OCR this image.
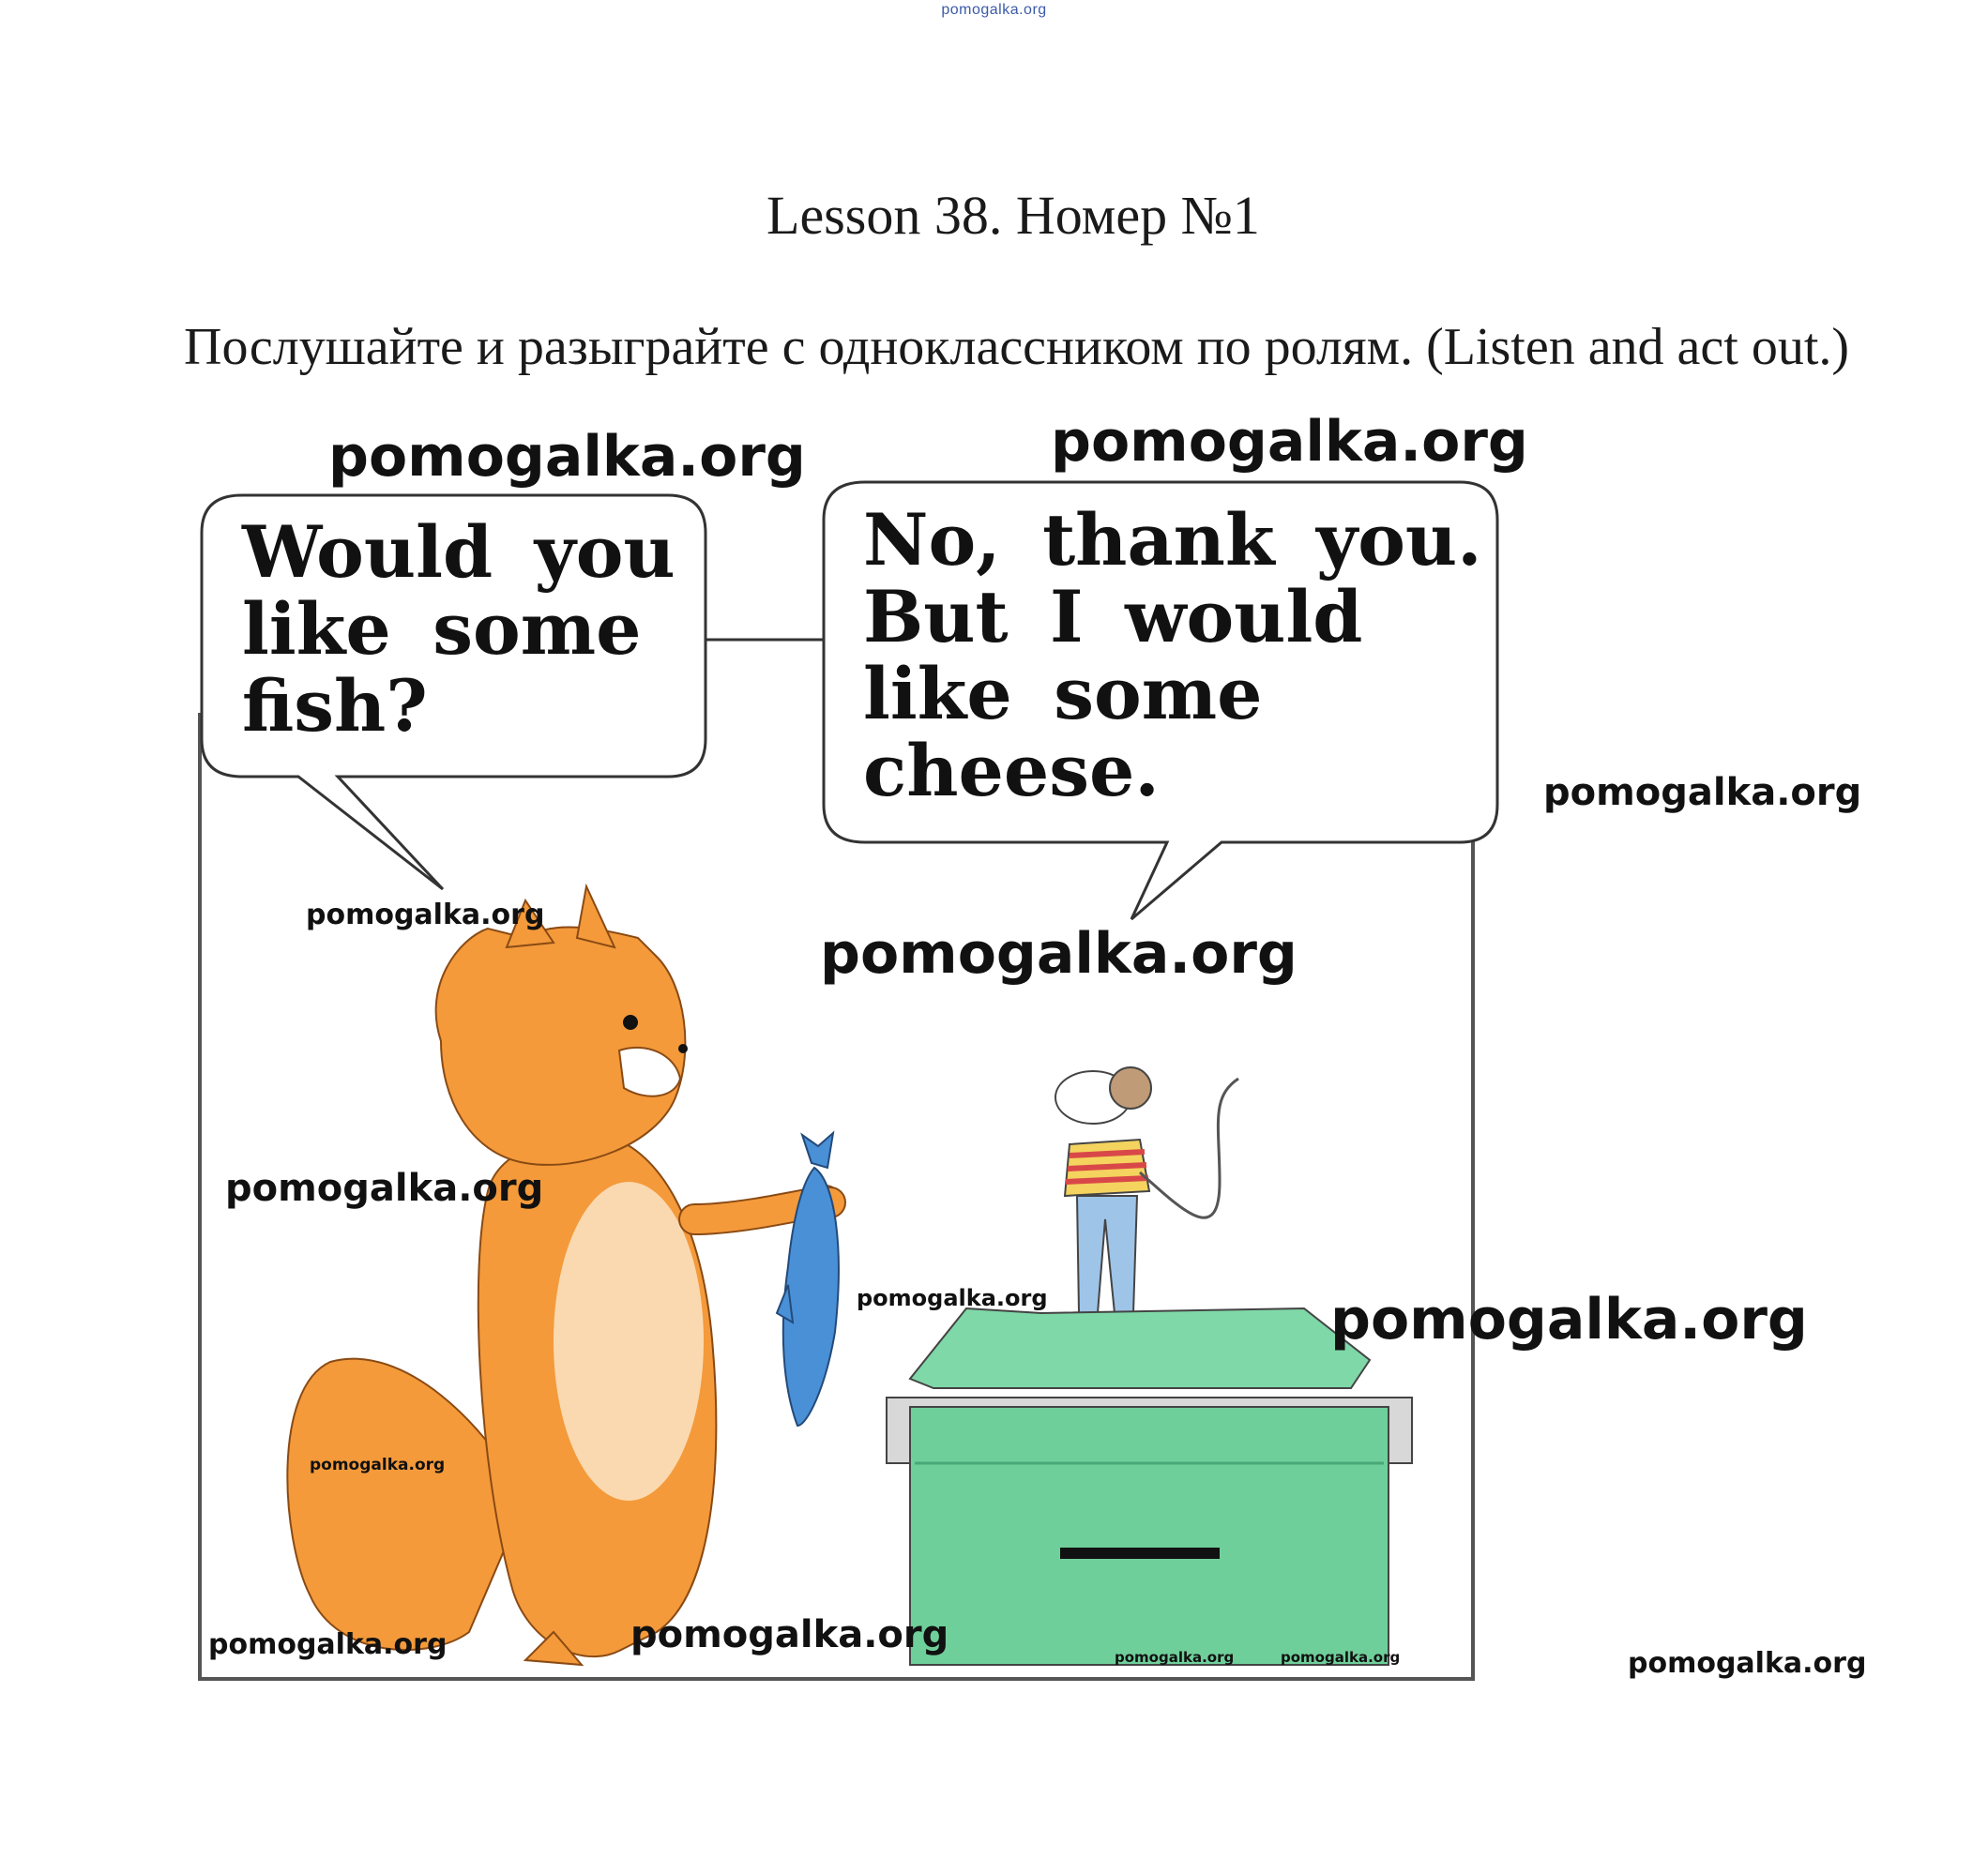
pomogalka.org
Lesson 38. Номер №1
Послушайте и разыграйте с одноклассником по ролям. (Listen and act out.)
Would you like some fish?
No, thank you. But I would like some cheese.
pomogalka.org	pomogalka.org
pomogalka.org
pomogalka.org
pomogalka.org
pomogalka.org
pomogalka.org	pomogalka.org
pomogalka.org
pomogalka.org	pomogalka.org
pomogalka.org	pomogalka.org	pomogalka.org
